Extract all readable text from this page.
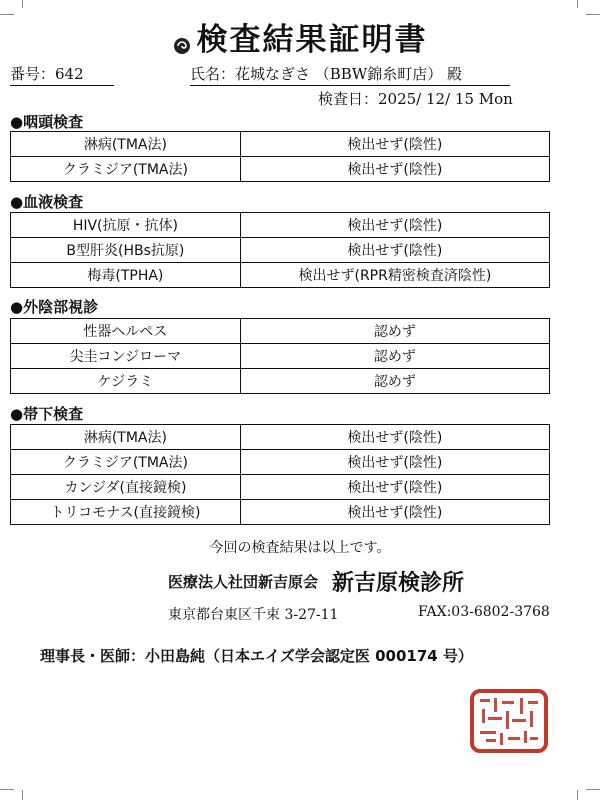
検査結果証明書
番号：642	氏名：花城なぎさ （BBW錦糸町店） 殿
検査日：2025/ 12/ 15 Mon
●咽頭検査
淋病(TMA法)	検出せず(陰性)
クラミジア(TMA法)	検出せず(陰性)
●血液検査
HIV(抗原・抗体)	検出せず(陰性)
B型肝炎(HBs抗原)	検出せず(陰性)
梅毒(TPHA)	検出せず(RPR精密検査済陰性)
●外陰部視診
性器ヘルペス	認めず
尖圭コンジローマ	認めず
ケジラミ	認めず
●帯下検査
淋病(TMA法)	検出せず(陰性)
クラミジア(TMA法)	検出せず(陰性)
カンジダ(直接鏡検)	検出せず(陰性)
トリコモナス(直接鏡検)	検出せず(陰性)
今回の検査結果は以上です。
医療法人社団新吉原会 新吉原検診所
東京都台東区千束 3-27-11	FAX:03-6802-3768
理事長・医師：小田島純（日本エイズ学会認定医 000174 号）
